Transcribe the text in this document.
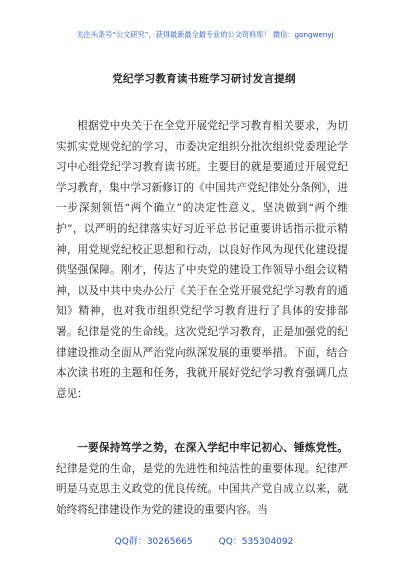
关注头条号“公文研究”，获得最新最全最专业的公文资料库！ 微信：gongwenyj
党纪学习教育读书班学习研讨发言提纲

根据党中央关于在全党开展党纪学习教育相关要求，为切实抓实党规党纪的学习，市委决定组织分批次组织党委理论学习中心组党纪学习教育读书班。主要目的就是要通过开展党纪学习教育，集中学习新修订的《中国共产党纪律处分条例》，进一步深刻领悟“两个确立”的决定性意义、坚决做到“两个维护”，以严明的纪律落实好习近平总书记重要讲话指示批示精神，用党规党纪校正思想和行动，以良好作风为现代化建设提供坚强保障。刚才，传达了中央党的建设工作领导小组会议精神，以及中共中央办公厅《关于在全党开展党纪学习教育的通知》精神，也对我市组织党纪学习教育进行了具体的安排部署。纪律是党的生命线。这次党纪学习教育，正是加强党的纪律建设推动全面从严治党向纵深发展的重要举措。下面，结合本次读书班的主题和任务，我就开展好党纪学习教育强调几点意见：

一要保持笃学之势，在深入学纪中牢记初心、锤炼党性。纪律是党的生命，是党的先进性和纯洁性的重要体现。纪律严明是马克思主义政党的优良传统。中国共产党自成立以来，就始终将纪律建设作为党的建设的重要内容。当

QQ群：30265665	QQ：535304092
